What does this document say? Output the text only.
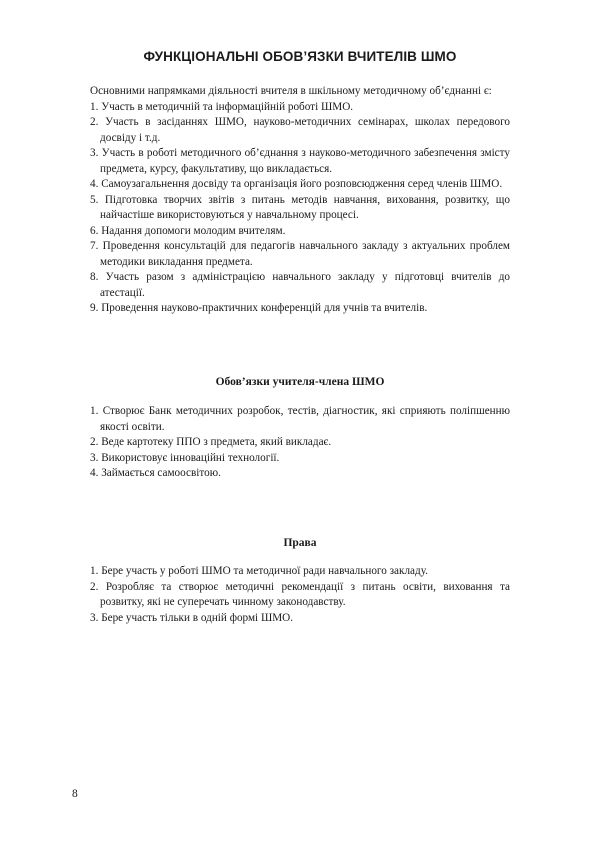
ФУНКЦІОНАЛЬНІ ОБОВ’ЯЗКИ ВЧИТЕЛІВ ШМО

Основними напрямками діяльності вчителя в шкільному методичному об’єднанні є:

1. Участь в методичній та інформаційній роботі ШМО.

2. Участь в засіданнях ШМО, науково-методичних семінарах, школах передового досвіду і т.д.

3. Участь в роботі методичного об’єднання з науково-методичного забезпечення змісту предмета, курсу, факультативу, що викладається.

4. Самоузагальнення досвіду та організація його розповсюдження серед членів ШМО.

5. Підготовка творчих звітів з питань методів навчання, виховання, розвитку, що найчастіше використовуються у навчальному процесі.

6. Надання допомоги молодим вчителям.

7. Проведення консультацій для педагогів навчального закладу з актуальних проблем методики викладання предмета.

8. Участь разом з адміністрацією навчального закладу у підготовці вчителів до атестації.

9. Проведення науково-практичних конференцій для учнів та вчителів.

Обов’язки учителя-члена ШМО

1. Створює Банк методичних розробок, тестів, діагностик, які сприяють поліпшенню якості освіти.

2. Веде картотеку ППО з предмета, який викладає.

3. Використовує інноваційні технології.

4. Займається самоосвітою.

Права

1. Бере участь у роботі ШМО та методичної ради навчального закладу.

2. Розробляє та створює методичні рекомендації з питань освіти, виховання та розвитку, які не суперечать чинному законодавству.

3. Бере участь тільки в одній формі ШМО.

8
